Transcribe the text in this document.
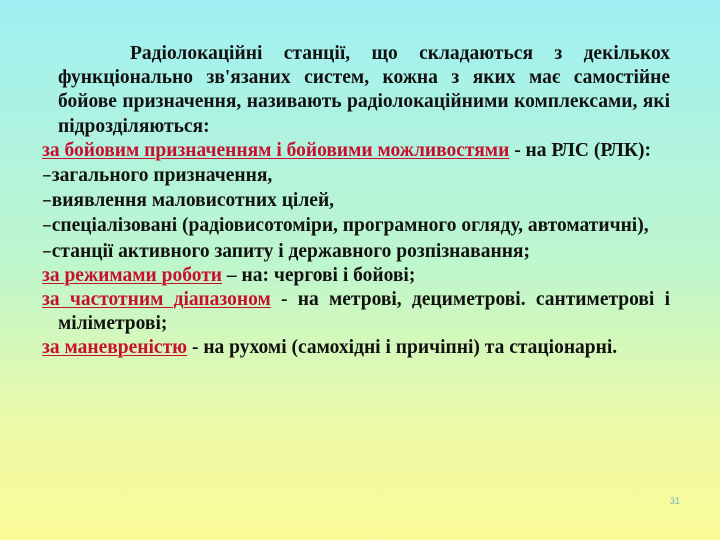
Радіолокаційні станції, що складаються з декількох функціонально зв'язаних систем, кожна з яких має самостійне бойове призначення, називають радіолокаційними комплексами, які підрозділяються:
за бойовим призначенням і бойовими можливостями - на РЛС (РЛК):
–загального призначення,
–виявлення маловисотних цілей,
–спеціалізовані (радіовисотоміри, програмного огляду, автоматичні),
–станції активного запиту і державного розпізнавання;
за режимами роботи – на: чергові і бойові;
за частотним діапазоном - на метрові, дециметрові. сантиметрові і міліметрові;
за маневреністю - на рухомі (самохідні і причіпні) та стаціонарні.
31
